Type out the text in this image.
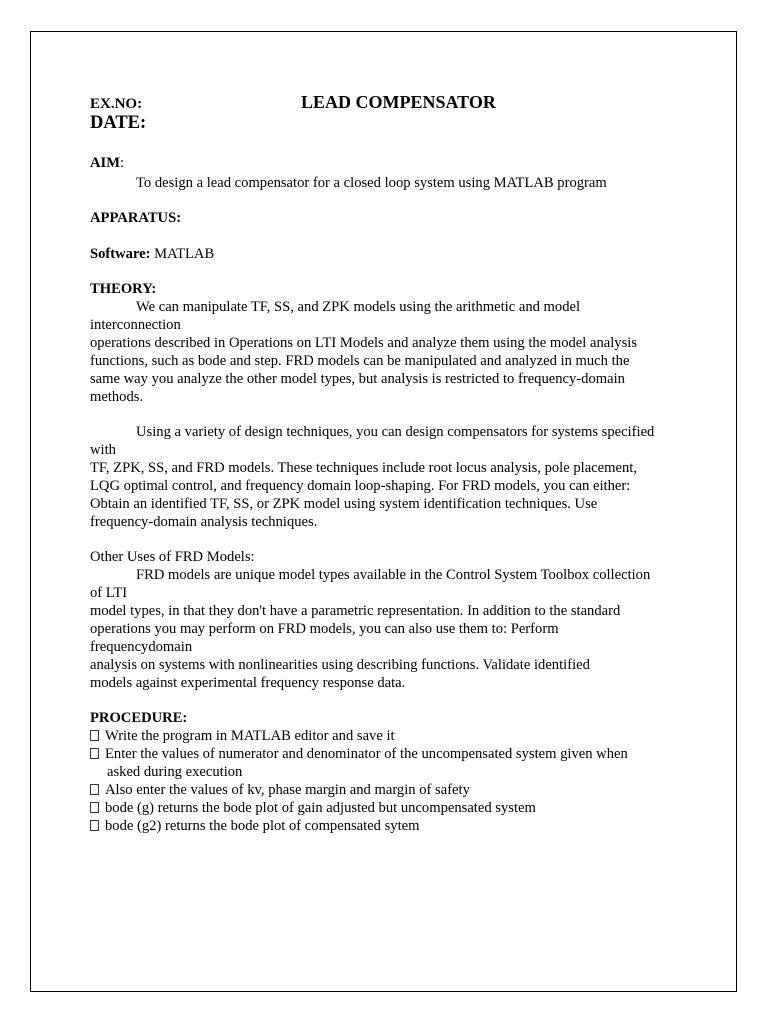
EX.NO:	LEAD COMPENSATOR
DATE:
AIM:
To design a lead compensator for a closed loop system using MATLAB program
APPARATUS:
Software: MATLAB
THEORY:
We can manipulate TF, SS, and ZPK models using the arithmetic and model
interconnection
operations described in Operations on LTI Models and analyze them using the model analysis
functions, such as bode and step. FRD models can be manipulated and analyzed in much the
same way you analyze the other model types, but analysis is restricted to frequency-domain
methods.
Using a variety of design techniques, you can design compensators for systems specified
with
TF, ZPK, SS, and FRD models. These techniques include root locus analysis, pole placement,
LQG optimal control, and frequency domain loop-shaping. For FRD models, you can either:
Obtain an identified TF, SS, or ZPK model using system identification techniques. Use
frequency-domain analysis techniques.
Other Uses of FRD Models:
FRD models are unique model types available in the Control System Toolbox collection
of LTI
model types, in that they don't have a parametric representation. In addition to the standard
operations you may perform on FRD models, you can also use them to: Perform
frequencydomain
analysis on systems with nonlinearities using describing functions. Validate identified
models against experimental frequency response data.
PROCEDURE:
Write the program in MATLAB editor and save it
Enter the values of numerator and denominator of the uncompensated system given when
asked during execution
Also enter the values of kv, phase margin and margin of safety
bode (g) returns the bode plot of gain adjusted but uncompensated system
bode (g2) returns the bode plot of compensated sytem
